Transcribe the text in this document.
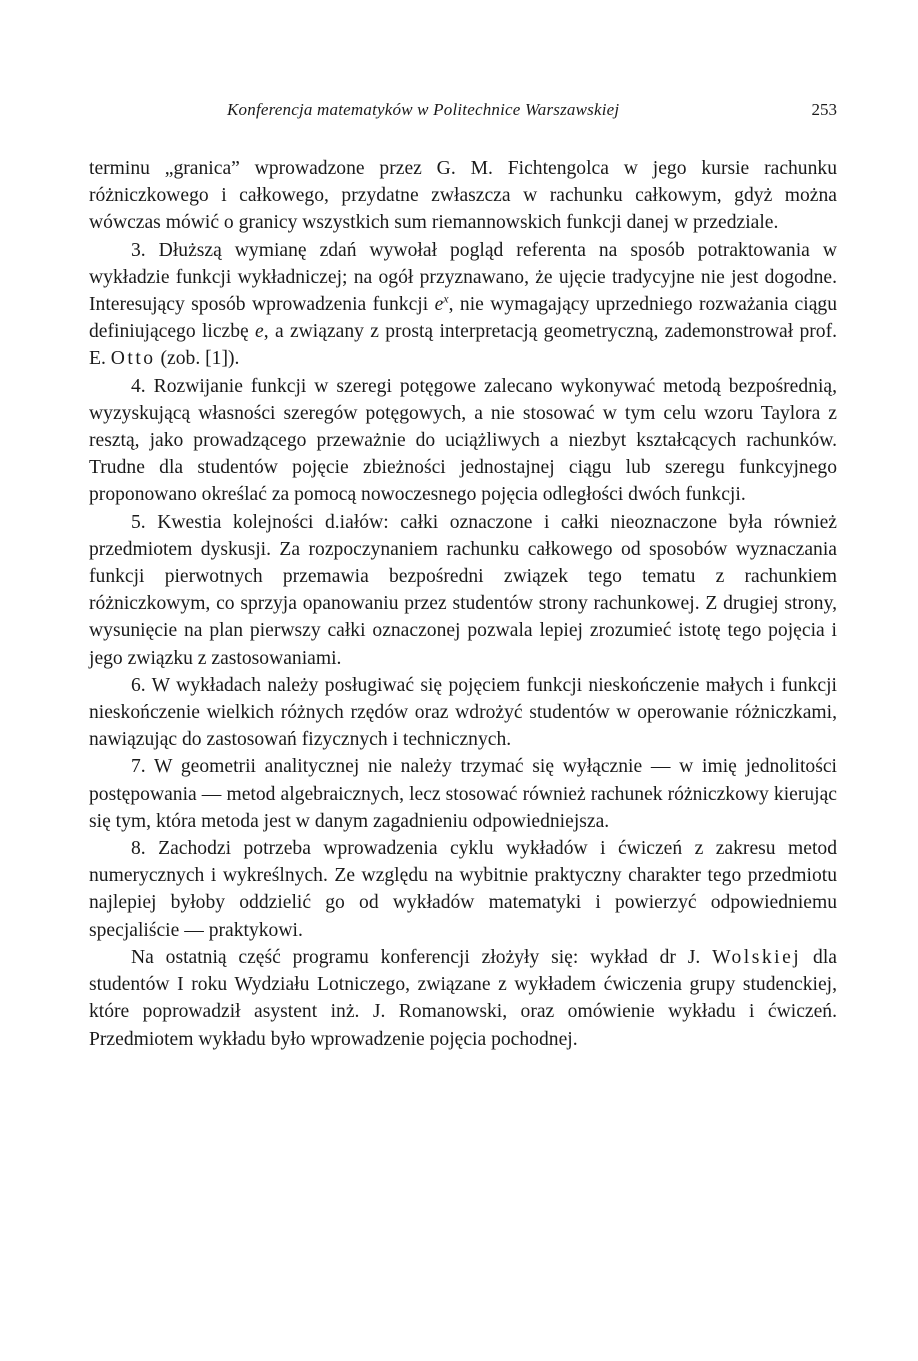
Konferencja matematyków w Politechnice Warszawskiej	253

terminu „granica” wprowadzone przez G. M. Fichtengolca w jego kursie rachunku różniczkowego i całkowego, przydatne zwłaszcza w rachunku całkowym, gdyż można wówczas mówić o granicy wszystkich sum riemannowskich funkcji danej w przedziale.

3. Dłuższą wymianę zdań wywołał pogląd referenta na sposób potraktowania w wykładzie funkcji wykładniczej; na ogół przyznawano, że ujęcie tradycyjne nie jest dogodne. Interesujący sposób wprowadzenia funkcji $e^x$, nie wymagający uprzedniego rozważania ciągu definiującego liczbę e, a związany z prostą interpretacją geometryczną, zademonstrował prof. E. Otto (zob. [1]).

4. Rozwijanie funkcji w szeregi potęgowe zalecano wykonywać metodą bezpośrednią, wyzyskującą własności szeregów potęgowych, a nie stosować w tym celu wzoru Taylora z resztą, jako prowadzącego przeważnie do uciążliwych a niezbyt kształcących rachunków. Trudne dla studentów pojęcie zbieżności jednostajnej ciągu lub szeregu funkcyjnego proponowano określać za pomocą nowoczesnego pojęcia odległości dwóch funkcji.

5. Kwestia kolejności d.iałów: całki oznaczone i całki nieoznaczone była również przedmiotem dyskusji. Za rozpoczynaniem rachunku całkowego od sposobów wyznaczania funkcji pierwotnych przemawia bezpośredni związek tego tematu z rachunkiem różniczkowym, co sprzyja opanowaniu przez studentów strony rachunkowej. Z drugiej strony, wysunięcie na plan pierwszy całki oznaczonej pozwala lepiej zrozumieć istotę tego pojęcia i jego związku z zastosowaniami.

6. W wykładach należy posługiwać się pojęciem funkcji nieskończenie małych i funkcji nieskończenie wielkich różnych rzędów oraz wdrożyć studentów w operowanie różniczkami, nawiązując do zastosowań fizycznych i technicznych.

7. W geometrii analitycznej nie należy trzymać się wyłącznie — w imię jednolitości postępowania — metod algebraicznych, lecz stosować również rachunek różniczkowy kierując się tym, która metoda jest w danym zagadnieniu odpowiedniejsza.

8. Zachodzi potrzeba wprowadzenia cyklu wykładów i ćwiczeń z zakresu metod numerycznych i wykreślnych. Ze względu na wybitnie praktyczny charakter tego przedmiotu najlepiej byłoby oddzielić go od wykładów matematyki i powierzyć odpowiedniemu specjaliście — praktykowi.

Na ostatnią część programu konferencji złożyły się: wykład dr J. Wolskiej dla studentów I roku Wydziału Lotniczego, związane z wykładem ćwiczenia grupy studenckiej, które poprowadził asystent inż. J. Romanowski, oraz omówienie wykładu i ćwiczeń. Przedmiotem wykładu było wprowadzenie pojęcia pochodnej.
